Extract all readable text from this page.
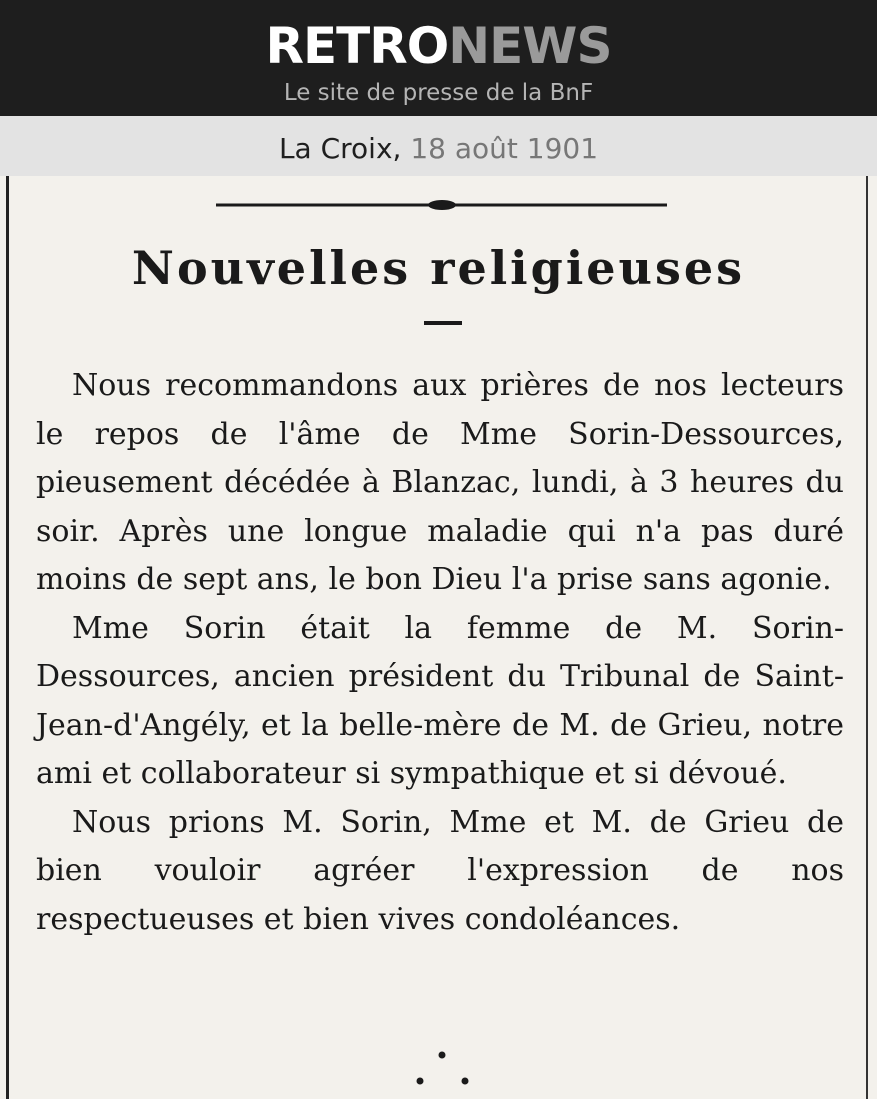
RETRONEWS
Le site de presse de la BnF
La Croix, 18 août 1901
Nouvelles religieuses

Nous recommandons aux prières de nos lecteurs le repos de l'âme de Mme Sorin-Dessources, pieusement décédée à Blanzac, lundi, à 3 heures du soir. Après une longue maladie qui n'a pas duré moins de sept ans, le bon Dieu l'a prise sans agonie.

Mme Sorin était la femme de M. Sorin-Dessources, ancien président du Tribunal de Saint-Jean-d'Angély, et la belle-mère de M. de Grieu, notre ami et collaborateur si sympathique et si dévoué.

Nous prions M. Sorin, Mme et M. de Grieu de bien vouloir agréer l'expression de nos respectueuses et bien vives condoléances.
